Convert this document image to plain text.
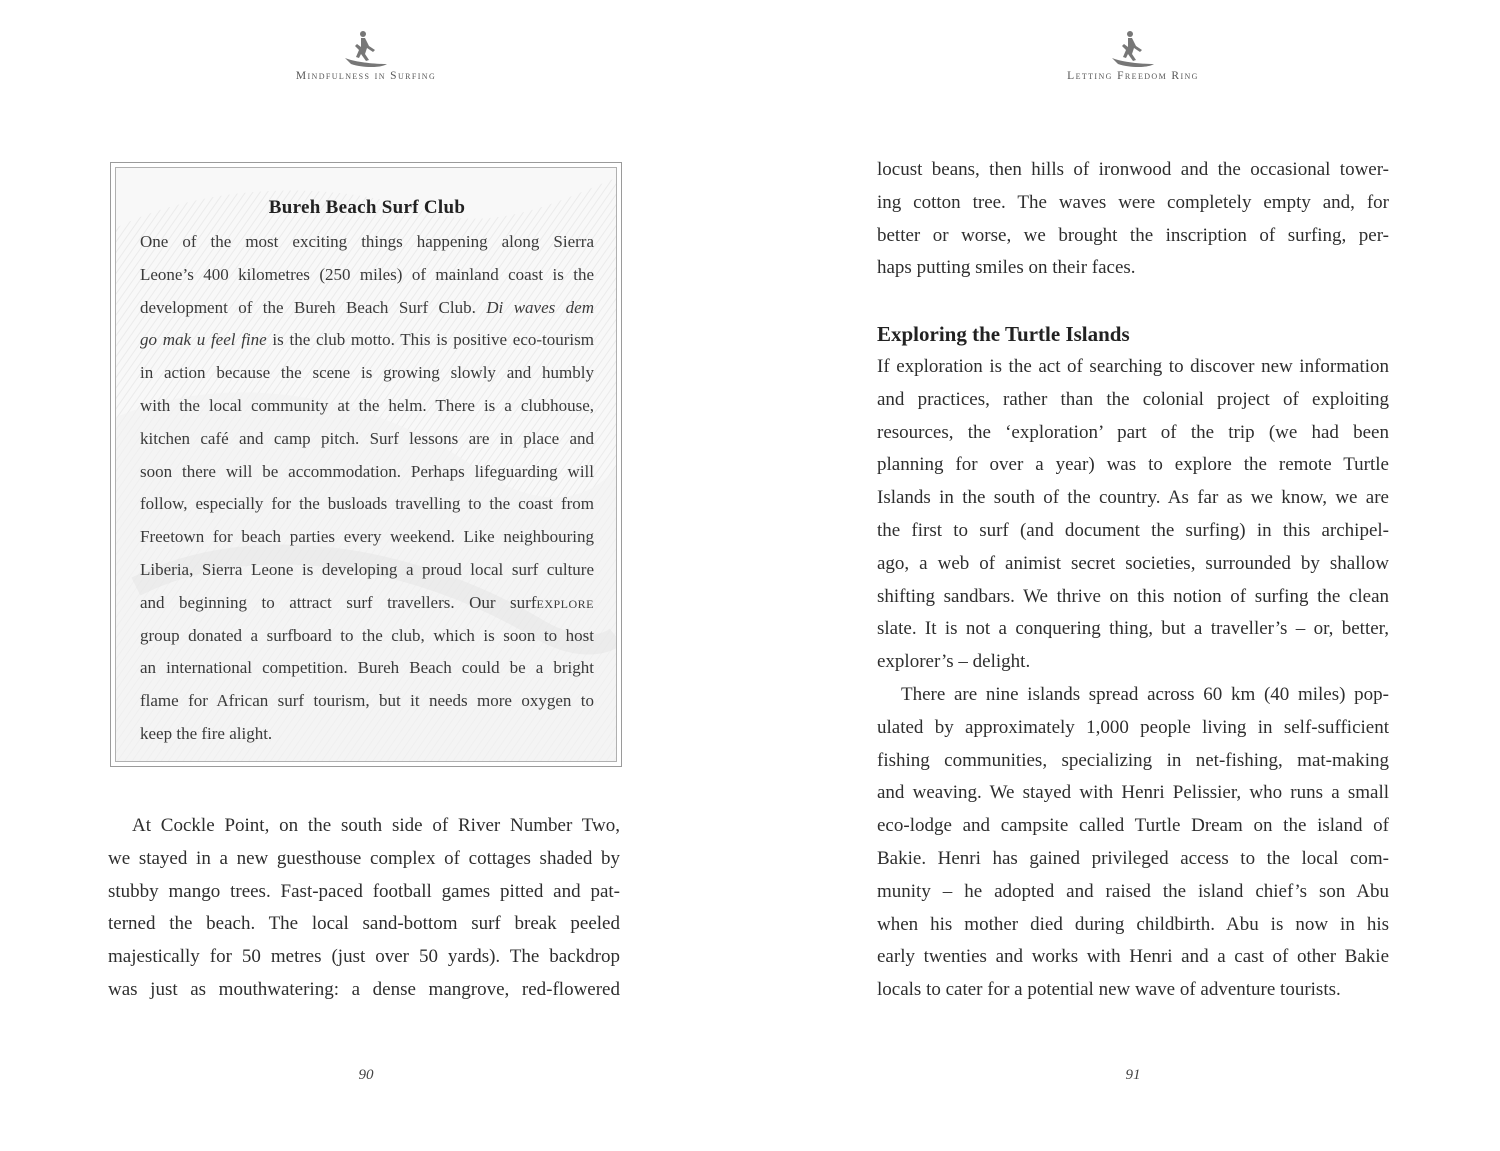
Mindfulness in Surfing
Bureh Beach Surf Club
One of the most exciting things happening along Sierra
Leone’s 400 kilometres (250 miles) of mainland coast is the
development of the Bureh Beach Surf Club. Di waves dem
go mak u feel fine is the club motto. This is positive eco-tourism
in action because the scene is growing slowly and humbly
with the local community at the helm. There is a clubhouse,
kitchen café and camp pitch. Surf lessons are in place and
soon there will be accommodation. Perhaps lifeguarding will
follow, especially for the busloads travelling to the coast from
Freetown for beach parties every weekend. Like neighbouring
Liberia, Sierra Leone is developing a proud local surf culture
and beginning to attract surf travellers. Our surfexplore
group donated a surfboard to the club, which is soon to host
an international competition. Bureh Beach could be a bright
flame for African surf tourism, but it needs more oxygen to
keep the fire alight.
90
At Cockle Point, on the south side of River Number Two,
we stayed in a new guesthouse complex of cottages shaded by
stubby mango trees. Fast-paced football games pitted and pat-
terned the beach. The local sand-bottom surf break peeled
majestically for 50 metres (just over 50 yards). The backdrop
was just as mouthwatering: a dense mangrove, red-flowered
Letting Freedom Ring
91
locust beans, then hills of ironwood and the occasional tower-
ing cotton tree. The waves were completely empty and, for
better or worse, we brought the inscription of surfing, per-
haps putting smiles on their faces.
Exploring the Turtle Islands
If exploration is the act of searching to discover new information
and practices, rather than the colonial project of exploiting
resources, the ‘exploration’ part of the trip (we had been
planning for over a year) was to explore the remote Turtle
Islands in the south of the country. As far as we know, we are
the first to surf (and document the surfing) in this archipel-
ago, a web of animist secret societies, surrounded by shallow
shifting sandbars. We thrive on this notion of surfing the clean
slate. It is not a conquering thing, but a traveller’s – or, better,
explorer’s – delight.
There are nine islands spread across 60 km (40 miles) pop-
ulated by approximately 1,000 people living in self-sufficient
fishing communities, specializing in net-fishing, mat-making
and weaving. We stayed with Henri Pelissier, who runs a small
eco-lodge and campsite called Turtle Dream on the island of
Bakie. Henri has gained privileged access to the local com-
munity – he adopted and raised the island chief’s son Abu
when his mother died during childbirth. Abu is now in his
early twenties and works with Henri and a cast of other Bakie
locals to cater for a potential new wave of adventure tourists.
